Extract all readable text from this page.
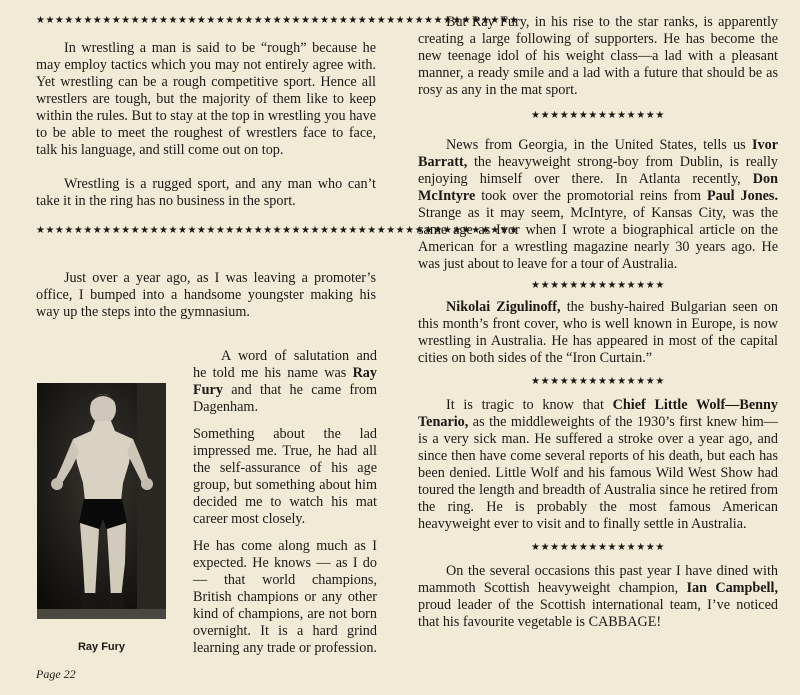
★★★★★★★★★★★★★★★★★★★★★★★★★★★★★★★★★★★★★★★★★★★★★★★★★★★

In wrestling a man is said to be “rough” because he may employ tactics which you may not entirely agree with. Yet wrestling can be a rough competitive sport. Hence all wrestlers are tough, but the majority of them like to keep within the rules. But to stay at the top in wrestling you have to be able to meet the roughest of wrestlers face to face, talk his language, and still come out on top.

Wrestling is a rugged sport, and any man who can’t take it in the ring has no business in the sport.

★★★★★★★★★★★★★★★★★★★★★★★★★★★★★★★★★★★★★★★★★★★★★★★★★★★

Just over a year ago, as I was leaving a promoter’s office, I bumped into a handsome youngster making his way up the steps into the gymnasium.

Ray Fury

A word of salutation and he told me his name was Ray Fury and that he came from Dagenham.

Something about the lad impressed me. True, he had all the self-assurance of his age group, but something about him decided me to watch his mat career most closely.

He has come along much as I expected. He knows — as I do — that world champions, British champions or any other kind of champions, are not born overnight. It is a hard grind learning any trade or profession.

But Ray Fury, in his rise to the star ranks, is apparently creating a large following of supporters. He has become the new teenage idol of his weight class—a lad with a pleasant manner, a ready smile and a lad with a future that should be as rosy as any in the mat sport.

★★★★★★★★★★★★★★

News from Georgia, in the United States, tells us Ivor Barratt, the heavyweight strong-boy from Dublin, is really enjoying himself over there. In Atlanta recently, Don McIntyre took over the promotorial reins from Paul Jones. Strange as it may seem, McIntyre, of Kansas City, was the same age as Ivor when I wrote a biographical article on the American for a wrestling magazine nearly 30 years ago. He was just about to leave for a tour of Australia.

★★★★★★★★★★★★★★

Nikolai Zigulinoff, the bushy-haired Bulgarian seen on this month’s front cover, who is well known in Europe, is now wrestling in Australia. He has appeared in most of the capital cities on both sides of the “Iron Curtain.”

★★★★★★★★★★★★★★

It is tragic to know that Chief Little Wolf—Benny Tenario, as the middleweights of the 1930’s first knew him—is a very sick man. He suffered a stroke over a year ago, and since then have come several reports of his death, but each has been denied. Little Wolf and his famous Wild West Show had toured the length and breadth of Australia since he retired from the ring. He is probably the most famous American heavyweight ever to visit and to finally settle in Australia.

★★★★★★★★★★★★★★

On the several occasions this past year I have dined with mammoth Scottish heavyweight champion, Ian Campbell, proud leader of the Scottish international team, I’ve noticed that his favourite vegetable is CABBAGE!

Page 22
